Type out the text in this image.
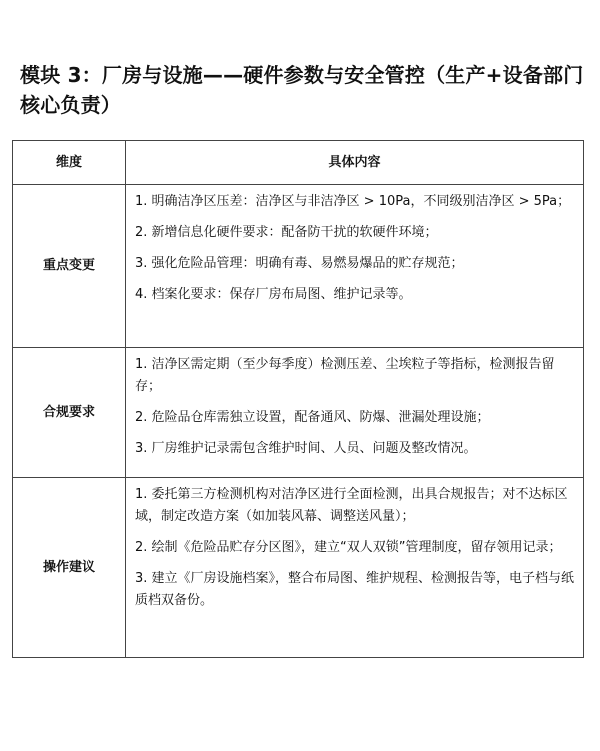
模块 3：厂房与设施——硬件参数与安全管控（生产+设备部门核心负责）
维度	具体内容
重点变更	1. 明确洁净区压差：洁净区与非洁净区 > 10Pa，不同级别洁净区 > 5Pa；
2. 新增信息化硬件要求：配备防干扰的软硬件环境；
3. 强化危险品管理：明确有毒、易燃易爆品的贮存规范；
4. 档案化要求：保存厂房布局图、维护记录等。

合规要求	1. 洁净区需定期（至少每季度）检测压差、尘埃粒子等指标，检测报告留存；
2. 危险品仓库需独立设置，配备通风、防爆、泄漏处理设施；
3. 厂房维护记录需包含维护时间、人员、问题及整改情况。

操作建议	1. 委托第三方检测机构对洁净区进行全面检测，出具合规报告；对不达标区域，制定改造方案（如加装风幕、调整送风量）；
2. 绘制《危险品贮存分区图》，建立“双人双锁”管理制度，留存领用记录；
3. 建立《厂房设施档案》，整合布局图、维护规程、检测报告等，电子档与纸质档双备份。
